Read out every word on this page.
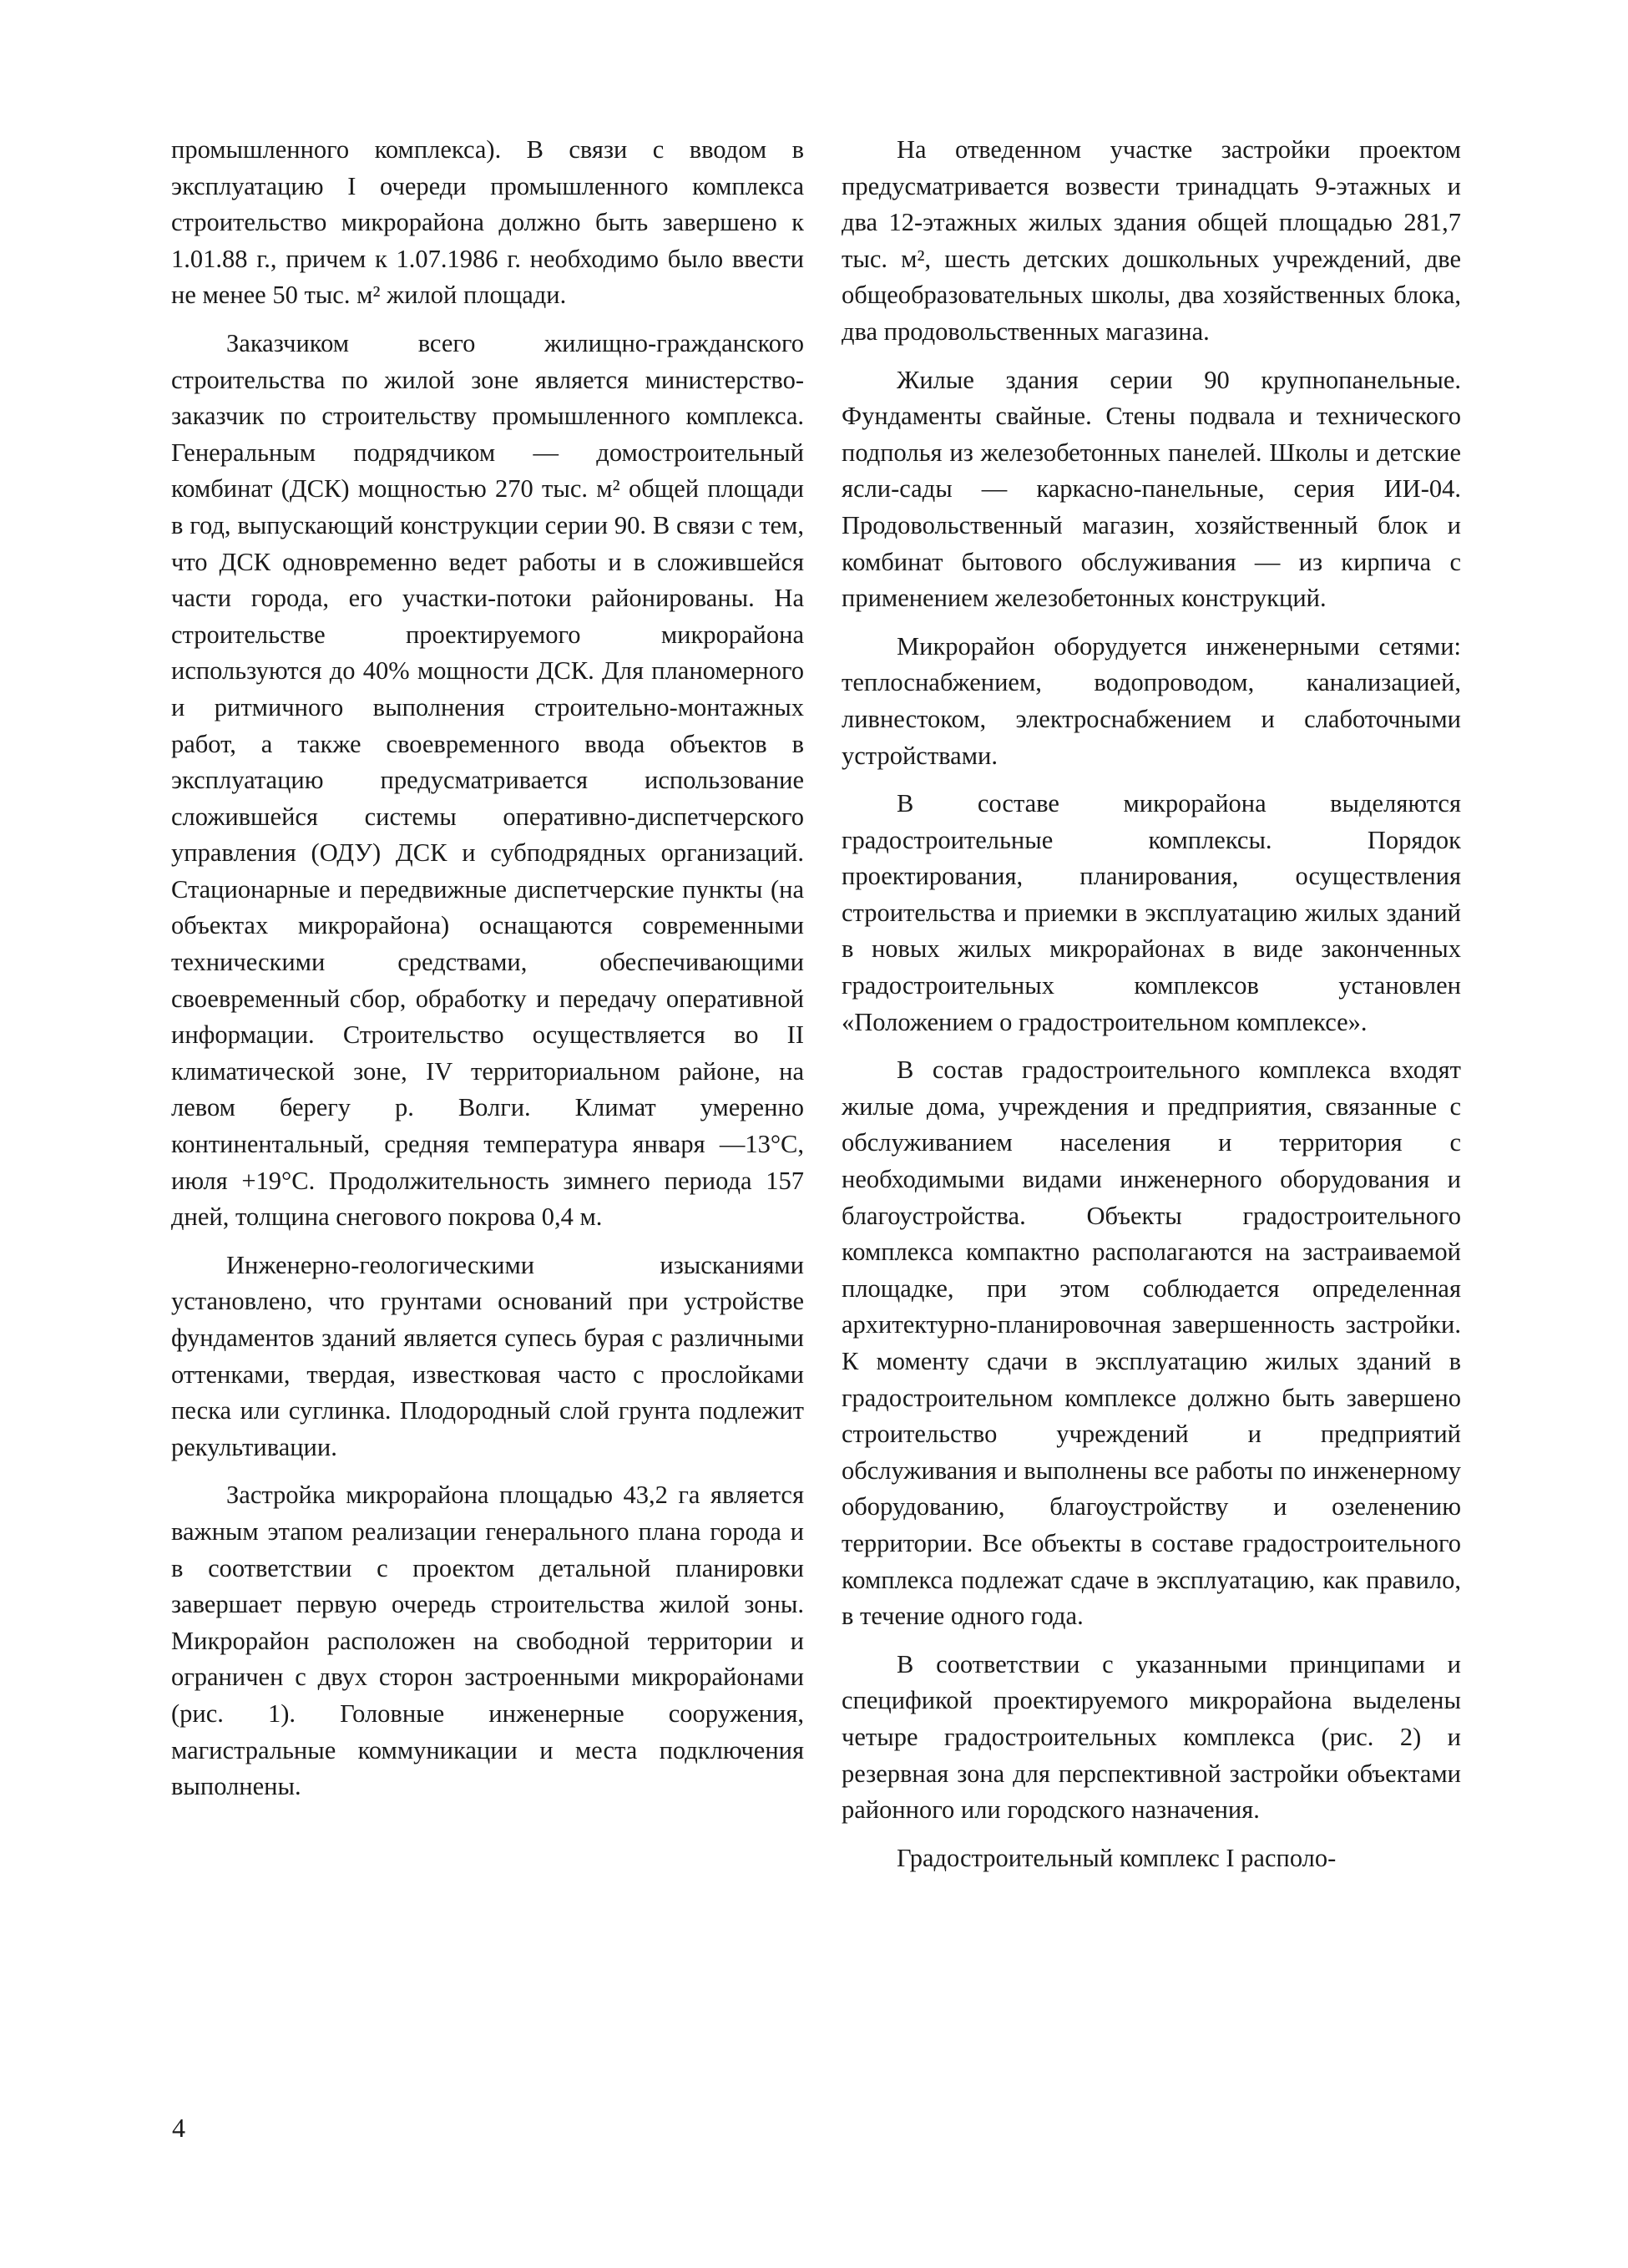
промышленного комплекса). В связи с вводом в эксплуатацию I очереди промышленного комплекса строительство микрорайона должно быть завершено к 1.01.88 г., причем к 1.07.1986 г. необходимо было ввести не менее 50 тыс. м² жилой площади.

Заказчиком всего жилищно-гражданского строительства по жилой зоне является министерство-заказчик по строительству промышленного комплекса. Генеральным подрядчиком — домостроительный комбинат (ДСК) мощностью 270 тыс. м² общей площади в год, выпускающий конструкции серии 90. В связи с тем, что ДСК одновременно ведет работы и в сложившейся части города, его участки-потоки районированы. На строительстве проектируемого микрорайона используются до 40% мощности ДСК. Для планомерного и ритмичного выполнения строительно-монтажных работ, а также своевременного ввода объектов в эксплуатацию предусматривается использование сложившейся системы оперативно-диспетчерского управления (ОДУ) ДСК и субподрядных организаций. Стационарные и передвижные диспетчерские пункты (на объектах микрорайона) оснащаются современными техническими средствами, обеспечивающими своевременный сбор, обработку и передачу оперативной информации. Строительство осуществляется во II климатической зоне, IV территориальном районе, на левом берегу р. Волги. Климат умеренно континентальный, средняя температура января —13°С, июля +19°С. Продолжительность зимнего периода 157 дней, толщина снегового покрова 0,4 м.

Инженерно-геологическими изысканиями установлено, что грунтами оснований при устройстве фундаментов зданий является супесь бурая с различными оттенками, твердая, известковая часто с прослойками песка или суглинка. Плодородный слой грунта подлежит рекультивации.

Застройка микрорайона площадью 43,2 га является важным этапом реализации генерального плана города и в соответствии с проектом детальной планировки завершает первую очередь строительства жилой зоны. Микрорайон расположен на свободной территории и ограничен с двух сторон застроенными микрорайонами (рис. 1). Головные инженерные сооружения, магистральные коммуникации и места подключения выполнены.

На отведенном участке застройки проектом предусматривается возвести тринадцать 9-этажных и два 12-этажных жилых здания общей площадью 281,7 тыс. м², шесть детских дошкольных учреждений, две общеобразовательных школы, два хозяйственных блока, два продовольственных магазина.

Жилые здания серии 90 крупнопанельные. Фундаменты свайные. Стены подвала и технического подполья из железобетонных панелей. Школы и детские ясли-сады — каркасно-панельные, серия ИИ-04. Продовольственный магазин, хозяйственный блок и комбинат бытового обслуживания — из кирпича с применением железобетонных конструкций.

Микрорайон оборудуется инженерными сетями: теплоснабжением, водопроводом, канализацией, ливнестоком, электроснабжением и слаботочными устройствами.

В составе микрорайона выделяются градостроительные комплексы. Порядок проектирования, планирования, осуществления строительства и приемки в эксплуатацию жилых зданий в новых жилых микрорайонах в виде законченных градостроительных комплексов установлен «Положением о градостроительном комплексе».

В состав градостроительного комплекса входят жилые дома, учреждения и предприятия, связанные с обслуживанием населения и территория с необходимыми видами инженерного оборудования и благоустройства. Объекты градостроительного комплекса компактно располагаются на застраиваемой площадке, при этом соблюдается определенная архитектурно-планировочная завершенность застройки. К моменту сдачи в эксплуатацию жилых зданий в градостроительном комплексе должно быть завершено строительство учреждений и предприятий обслуживания и выполнены все работы по инженерному оборудованию, благоустройству и озеленению территории. Все объекты в составе градостроительного комплекса подлежат сдаче в эксплуатацию, как правило, в течение одного года.

В соответствии с указанными принципами и спецификой проектируемого микрорайона выделены четыре градостроительных комплекса (рис. 2) и резервная зона для перспективной застройки объектами районного или городского назначения.

Градостроительный комплекс I располо-

4
